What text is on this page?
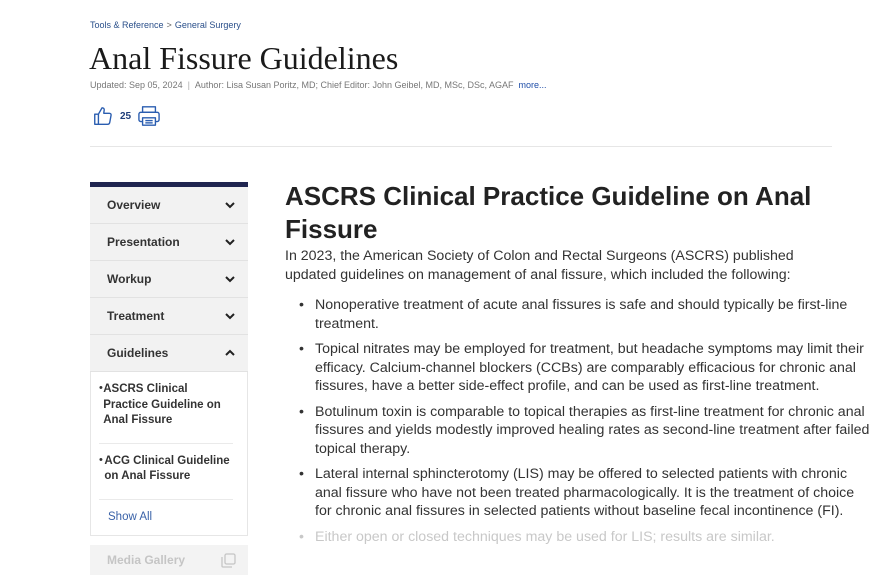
Tools & Reference > General Surgery
Anal Fissure Guidelines
Updated: Sep 05, 2024 | Author: Lisa Susan Poritz, MD; Chief Editor: John Geibel, MD, MSc, DSc, AGAF more...
25
Overview
Presentation
Workup
Treatment
Guidelines
• ASCRS Clinical Practice Guideline on Anal Fissure
• ACG Clinical Guideline on Anal Fissure
Show All
Media Gallery
ASCRS Clinical Practice Guideline on Anal Fissure

In 2023, the American Society of Colon and Rectal Surgeons (ASCRS) published updated guidelines on management of anal fissure, which included the following:

• Nonoperative treatment of acute anal fissures is safe and should typically be first-line treatment.
• Topical nitrates may be employed for treatment, but headache symptoms may limit their efficacy. Calcium-channel blockers (CCBs) are comparably efficacious for chronic anal fissures, have a better side-effect profile, and can be used as first-line treatment.
• Botulinum toxin is comparable to topical therapies as first-line treatment for chronic anal fissures and yields modestly improved healing rates as second-line treatment after failed topical therapy.
• Lateral internal sphincterotomy (LIS) may be offered to selected patients with chronic anal fissure who have not been treated pharmacologically. It is the treatment of choice for chronic anal fissures in selected patients without baseline fecal incontinence (FI).
• Either open or closed techniques may be used for LIS; results are similar.
